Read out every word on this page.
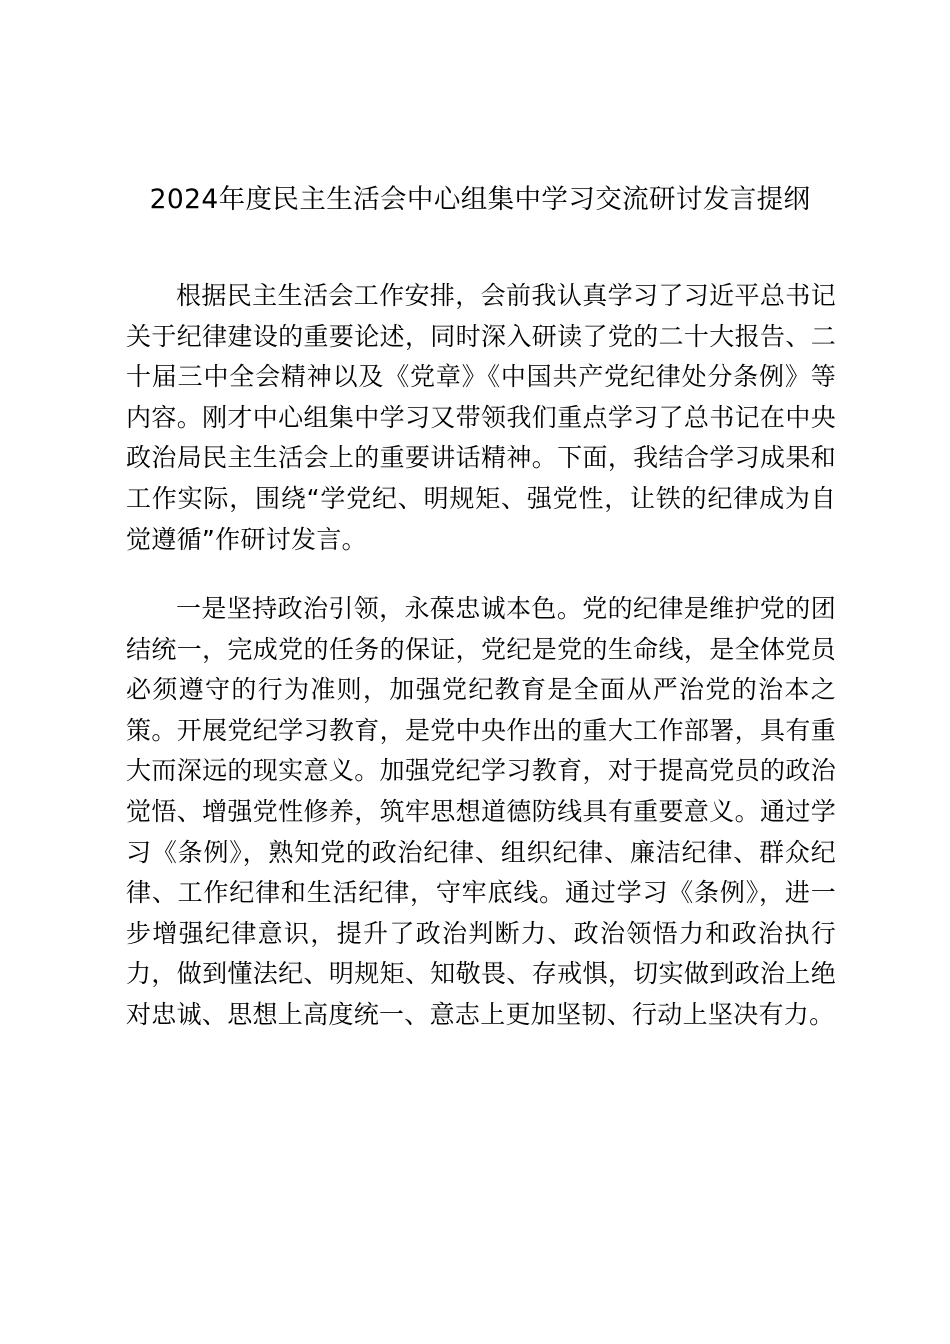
2024年度民主生活会中心组集中学习交流研讨发言提纲

根据民主生活会工作安排，会前我认真学习了习近平总书记关于纪律建设的重要论述，同时深入研读了党的二十大报告、二十届三中全会精神以及《党章》《中国共产党纪律处分条例》等内容。刚才中心组集中学习又带领我们重点学习了总书记在中央政治局民主生活会上的重要讲话精神。下面，我结合学习成果和工作实际，围绕“学党纪、明规矩、强党性，让铁的纪律成为自觉遵循”作研讨发言。

一是坚持政治引领，永葆忠诚本色。党的纪律是维护党的团结统一，完成党的任务的保证，党纪是党的生命线，是全体党员必须遵守的行为准则，加强党纪教育是全面从严治党的治本之策。开展党纪学习教育，是党中央作出的重大工作部署，具有重大而深远的现实意义。加强党纪学习教育，对于提高党员的政治觉悟、增强党性修养，筑牢思想道德防线具有重要意义。通过学习《条例》，熟知党的政治纪律、组织纪律、廉洁纪律、群众纪律、工作纪律和生活纪律，守牢底线。通过学习《条例》，进一步增强纪律意识，提升了政治判断力、政治领悟力和政治执行力，做到懂法纪、明规矩、知敬畏、存戒惧，切实做到政治上绝对忠诚、思想上高度统一、意志上更加坚韧、行动上坚决有力。
